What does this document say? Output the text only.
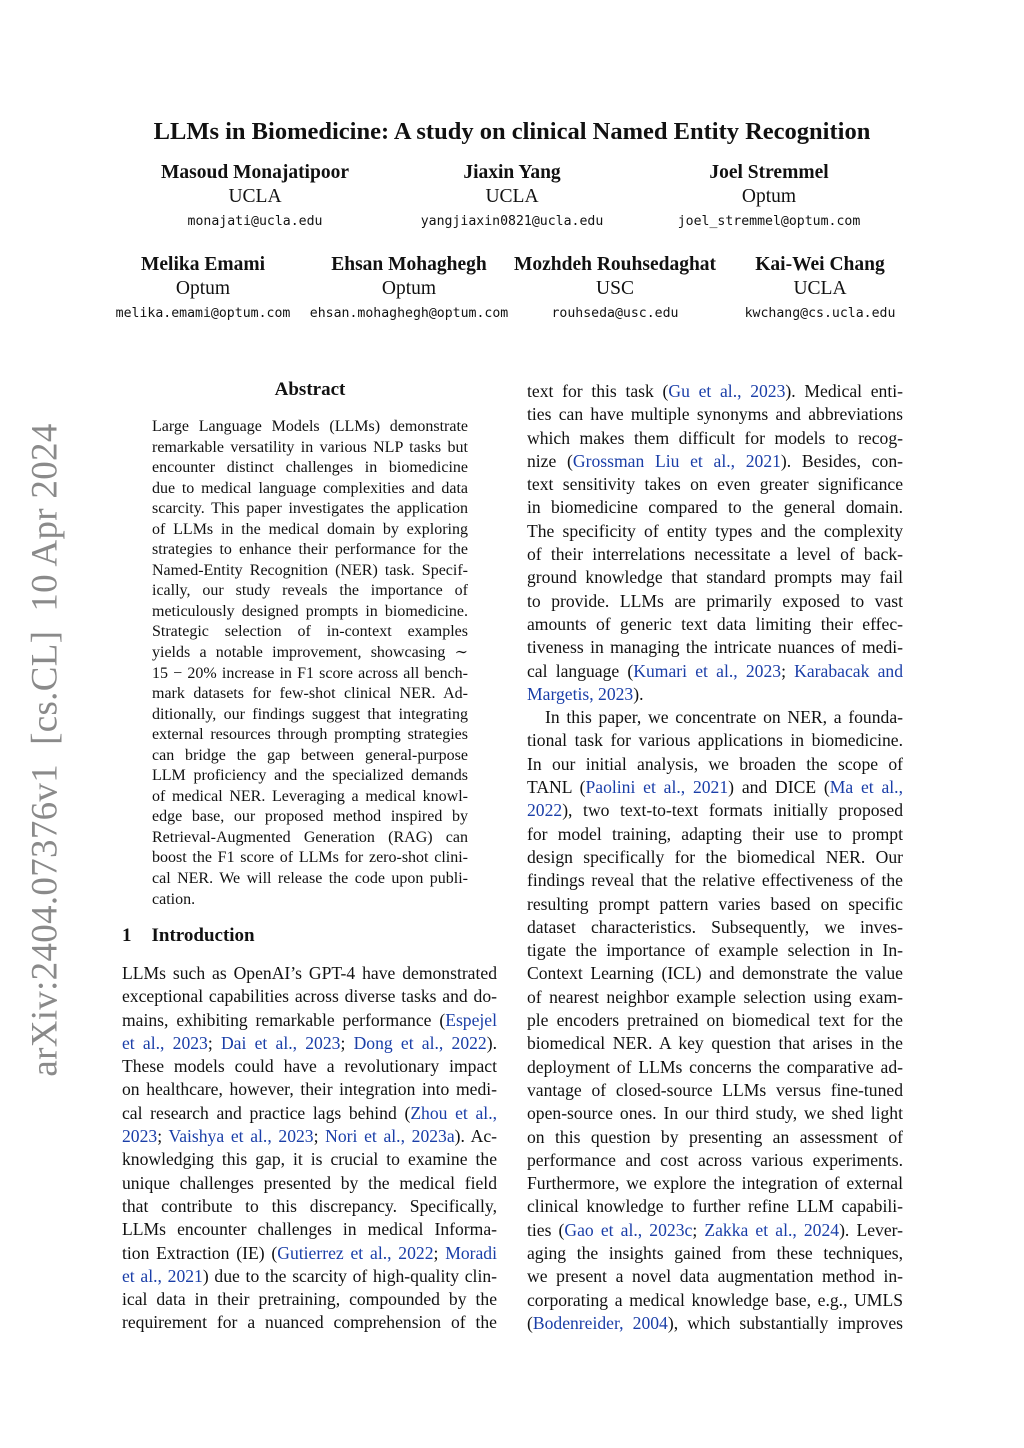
arXiv:2404.07376v1  [cs.CL]  10 Apr 2024
LLMs in Biomedicine: A study on clinical Named Entity Recognition
Masoud Monajatipoor
UCLA
monajati@ucla.edu
Jiaxin Yang
UCLA
yangjiaxin0821@ucla.edu
Joel Stremmel
Optum
joel_stremmel@optum.com
Melika Emami
Optum
melika.emami@optum.com
Ehsan Mohaghegh
Optum
ehsan.mohaghegh@optum.com
Mozhdeh Rouhsedaghat
USC
rouhseda@usc.edu
Kai-Wei Chang
UCLA
kwchang@cs.ucla.edu
Abstract
Large Language Models (LLMs) demonstrate
remarkable versatility in various NLP tasks but
encounter distinct challenges in biomedicine
due to medical language complexities and data
scarcity. This paper investigates the application
of LLMs in the medical domain by exploring
strategies to enhance their performance for the
Named-Entity Recognition (NER) task. Specif-
ically, our study reveals the importance of
meticulously designed prompts in biomedicine.
Strategic selection of in-context examples
yields a notable improvement, showcasing ∼
15 − 20% increase in F1 score across all bench-
mark datasets for few-shot clinical NER. Ad-
ditionally, our findings suggest that integrating
external resources through prompting strategies
can bridge the gap between general-purpose
LLM proficiency and the specialized demands
of medical NER. Leveraging a medical knowl-
edge base, our proposed method inspired by
Retrieval-Augmented Generation (RAG) can
boost the F1 score of LLMs for zero-shot clini-
cal NER. We will release the code upon publi-
cation.
1 Introduction
LLMs such as OpenAI’s GPT-4 have demonstrated
exceptional capabilities across diverse tasks and do-
mains, exhibiting remarkable performance (Espejel
et al., 2023; Dai et al., 2023; Dong et al., 2022).
These models could have a revolutionary impact
on healthcare, however, their integration into medi-
cal research and practice lags behind (Zhou et al.,
2023; Vaishya et al., 2023; Nori et al., 2023a). Ac-
knowledging this gap, it is crucial to examine the
unique challenges presented by the medical field
that contribute to this discrepancy. Specifically,
LLMs encounter challenges in medical Informa-
tion Extraction (IE) (Gutierrez et al., 2022; Moradi
et al., 2021) due to the scarcity of high-quality clin-
ical data in their pretraining, compounded by the
requirement for a nuanced comprehension of the
text for this task (Gu et al., 2023). Medical enti-
ties can have multiple synonyms and abbreviations
which makes them difficult for models to recog-
nize (Grossman Liu et al., 2021). Besides, con-
text sensitivity takes on even greater significance
in biomedicine compared to the general domain.
The specificity of entity types and the complexity
of their interrelations necessitate a level of back-
ground knowledge that standard prompts may fail
to provide. LLMs are primarily exposed to vast
amounts of generic text data limiting their effec-
tiveness in managing the intricate nuances of medi-
cal language (Kumari et al., 2023; Karabacak and
Margetis, 2023).
In this paper, we concentrate on NER, a founda-
tional task for various applications in biomedicine.
In our initial analysis, we broaden the scope of
TANL (Paolini et al., 2021) and DICE (Ma et al.,
2022), two text-to-text formats initially proposed
for model training, adapting their use to prompt
design specifically for the biomedical NER. Our
findings reveal that the relative effectiveness of the
resulting prompt pattern varies based on specific
dataset characteristics. Subsequently, we inves-
tigate the importance of example selection in In-
Context Learning (ICL) and demonstrate the value
of nearest neighbor example selection using exam-
ple encoders pretrained on biomedical text for the
biomedical NER. A key question that arises in the
deployment of LLMs concerns the comparative ad-
vantage of closed-source LLMs versus fine-tuned
open-source ones. In our third study, we shed light
on this question by presenting an assessment of
performance and cost across various experiments.
Furthermore, we explore the integration of external
clinical knowledge to further refine LLM capabili-
ties (Gao et al., 2023c; Zakka et al., 2024). Lever-
aging the insights gained from these techniques,
we present a novel data augmentation method in-
corporating a medical knowledge base, e.g., UMLS
(Bodenreider, 2004), which substantially improves
